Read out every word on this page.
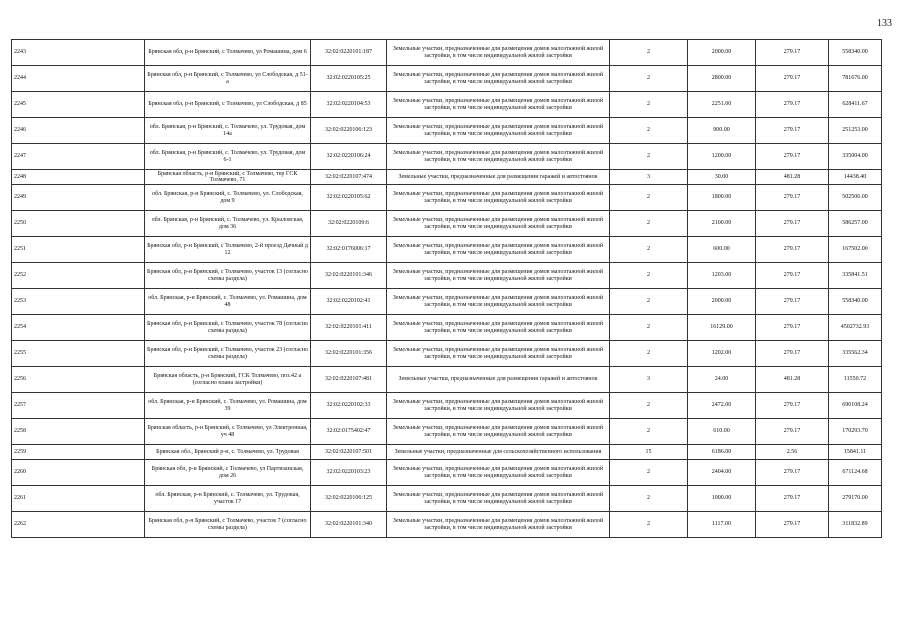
133
2243	Брянская обл, р-н Брянский, с Толмачево, ул Ромашина, дом 6	32:02:0220101:187	Земельные участки, предназначенные для размещения домов малоэтажной жилой застройки, в том числе индивидуальной жилой застройки	2	2000.00	279.17	558340.00
2244	Брянская обл, р-н Брянский, с Толмачево, ул Слободская, д 51-а	32:02:0220105:25	Земельные участки, предназначенные для размещения домов малоэтажной жилой застройки, в том числе индивидуальной жилой застройки	2	2800.00	279.17	781676.00
2245	Брянская обл, р-н Брянский, с Толмачево, ул Слободская, д 85	32:02:0220104:53	Земельные участки, предназначенные для размещения домов малоэтажной жилой застройки, в том числе индивидуальной жилой застройки	2	2251.00	279.17	628411.67
2246	обл. Брянская, р-н Брянский, с. Толмачево, ул. Трудовая, дом 14а	32:02:0220106:123	Земельные участки, предназначенные для размещения домов малоэтажной жилой застройки, в том числе индивидуальной жилой застройки	2	900.00	279.17	251253.00
2247	обл. Брянская, р-н Брянский, с. Толмачево, ул. Трудовая, дом 6-1	32:02:0220106:24	Земельные участки, предназначенные для размещения домов малоэтажной жилой застройки, в том числе индивидуальной жилой застройки	2	1200.00	279.17	335004.00
2248	Брянская область, р-н Брянский, с Толмачево, тер ГСК Толмачево, 71	32:02:0220107:474	Земельные участки, предназначенные для размещения гаражей и автостоянок	3	30.00	481.28	14438.40
2249	обл. Брянская, р-н Брянский, с. Толмачево, ул. Слободская, дом 9	32:02:0220105:62	Земельные участки, предназначенные для размещения домов малоэтажной жилой застройки, в том числе индивидуальной жилой застройки	2	1800.00	279.17	502506.00
2250	обл. Брянская, р-н Брянский, с. Толмачево, ул. Крыловская, дом 36	32:02:0220109:6	Земельные участки, предназначенные для размещения домов малоэтажной жилой застройки, в том числе индивидуальной жилой застройки	2	2100.00	279.17	586257.00
2251	Брянская обл, р-н Брянский, с Толмачево, 2-й проезд Дачный д 12	32:02:0176006:17	Земельные участки, предназначенные для размещения домов малоэтажной жилой застройки, в том числе индивидуальной жилой застройки	2	600.00	279.17	167502.00
2252	Брянская обл, р-н Брянский, с Толмачево, участок 13 (согласно схемы раздела)	32:02:0220101:346	Земельные участки, предназначенные для размещения домов малоэтажной жилой застройки, в том числе индивидуальной жилой застройки	2	1203.00	279.17	335841.51
2253	обл. Брянская, р-н Брянский, с. Толмачево, ул. Ромашина, дом 48	32:02:0220102:41	Земельные участки, предназначенные для размещения домов малоэтажной жилой застройки, в том числе индивидуальной жилой застройки	2	2000.00	279.17	558340.00
2254	Брянская обл, р-н Брянский, с Толмачево, участок 78 (согласно схемы раздела)	32:02:0220101:411	Земельные участки, предназначенные для размещения домов малоэтажной жилой застройки, в том числе индивидуальной жилой застройки	2	16129.00	279.17	4502732.93
2255	Брянская обл, р-н Брянский, с Толмачево, участок 23 (согласно схемы раздела)	32:02:0220101:356	Земельные участки, предназначенные для размещения домов малоэтажной жилой застройки, в том числе индивидуальной жилой застройки	2	1202.00	279.17	335562.34
2256	Брянская область, р-н Брянский, ГСК Толмачево, поз.42 а (согласно плана застройки)	32:02:0220107:481	Земельные участки, предназначенные для размещения гаражей и автостоянок	3	24.00	481.28	11550.72
2257	обл. Брянская, р-н Брянский, с. Толмачево, ул. Ромашина, дом 39	32:02:0220102:33	Земельные участки, предназначенные для размещения домов малоэтажной жилой застройки, в том числе индивидуальной жилой застройки	2	2472.00	279.17	690108.24
2258	Брянская область, р-н Брянский, с Толмачево, ул Электронная, уч 48	32:02:0175402:47	Земельные участки, предназначенные для размещения домов малоэтажной жилой застройки, в том числе индивидуальной жилой застройки	2	610.00	279.17	170293.70
2259	Брянская обл., Брянский р-н, с. Толмачево, ул. Трудовая	32:02:0220107:501	Земельные участки, предназначенные для сельскохозяйственного использования	15	6186.00	2.56	15841.11
2260	Брянская обл, р-н Брянский, с Толмачево, ул Партизанская, дом 26	32:02:0220103:23	Земельные участки, предназначенные для размещения домов малоэтажной жилой застройки, в том числе индивидуальной жилой застройки	2	2404.00	279.17	671124.68
2261	обл. Брянская, р-н Брянский, с. Толмачево, ул. Трудовая, участок 17	32:02:0220106:125	Земельные участки, предназначенные для размещения домов малоэтажной жилой застройки, в том числе индивидуальной жилой застройки	2	1000.00	279.17	279170.00
2262	Брянская обл, р-н Брянский, с Толмачево, участок 7 (согласно схемы раздела)	32:02:0220101:340	Земельные участки, предназначенные для размещения домов малоэтажной жилой застройки, в том числе индивидуальной жилой застройки	2	1117.00	279.17	311832.89
